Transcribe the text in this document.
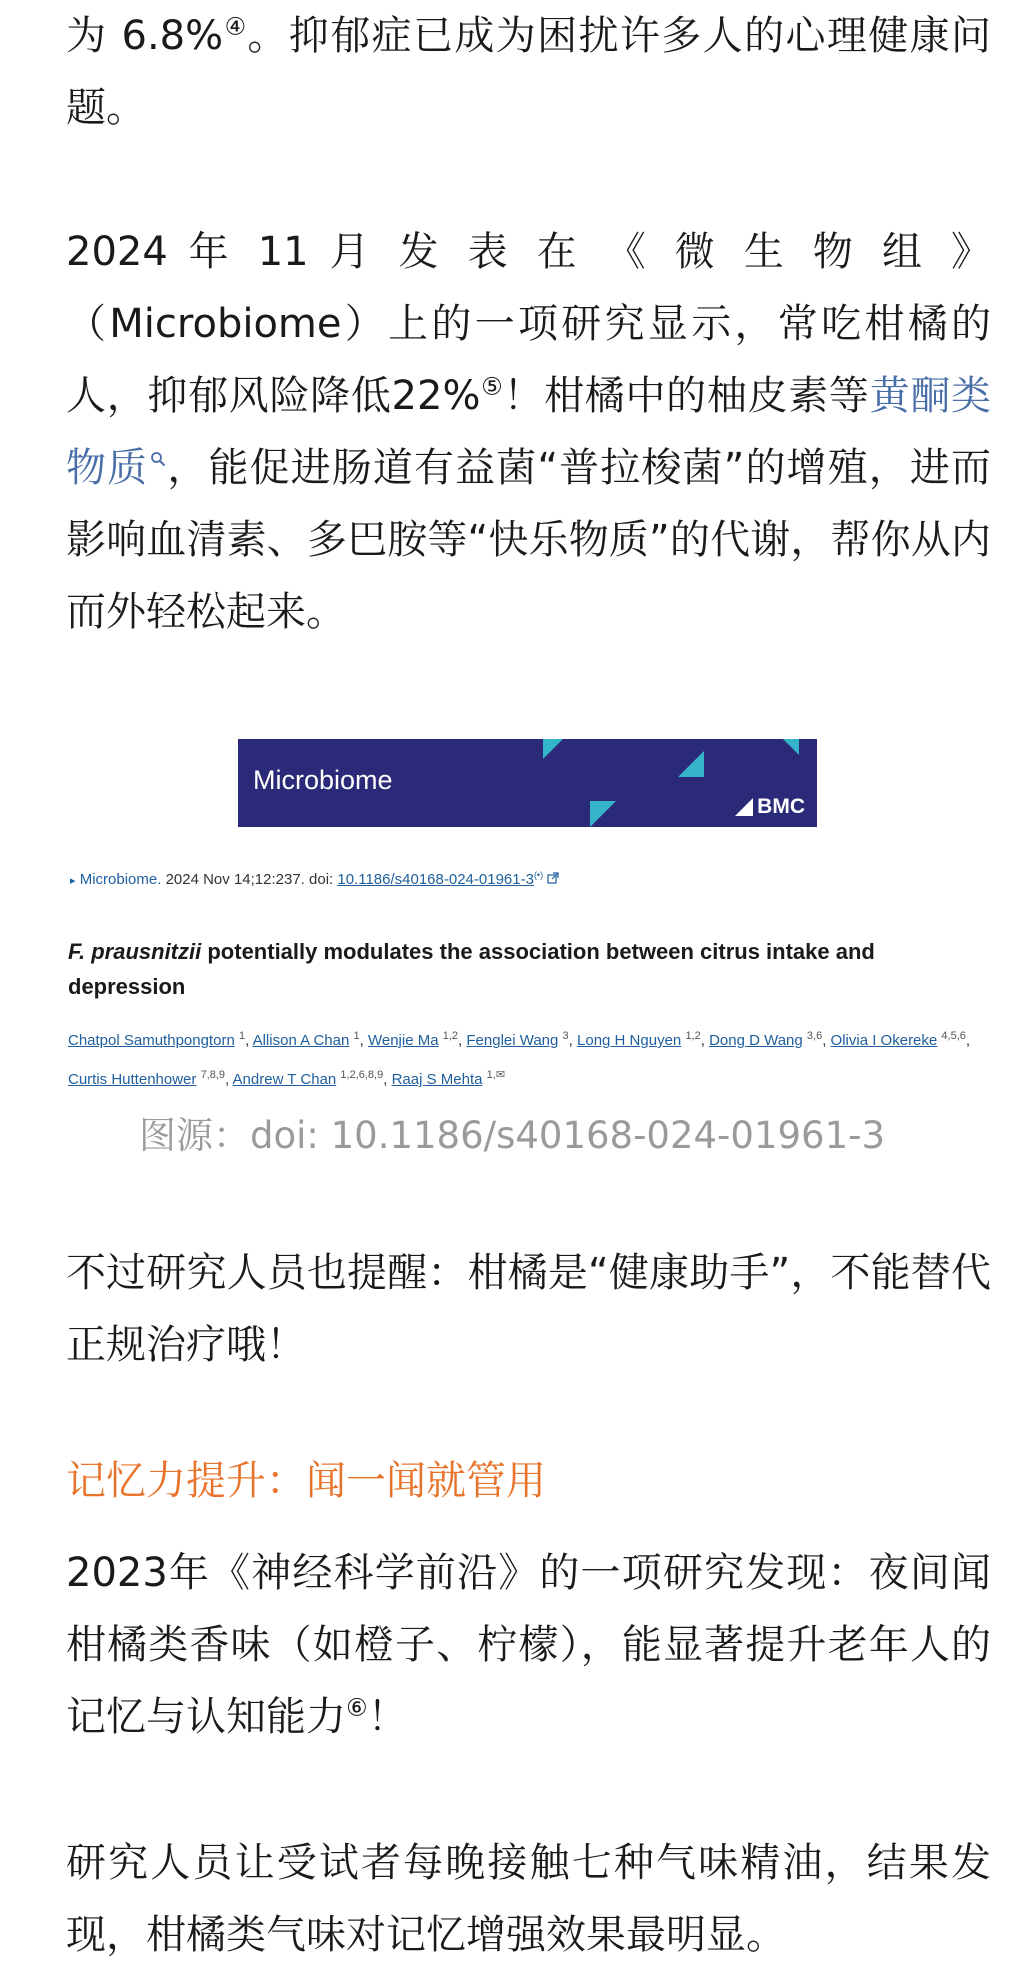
为 6.8%④。抑郁症已成为困扰许多人的心理健康问题。

2024 年 11 月 发 表 在 《 微 生 物 组 》（Microbiome）上的一项研究显示，常吃柑橘的人，抑郁风险降低22%⑤！柑橘中的柚皮素等黄酮类物质 ，能促进肠道有益菌“普拉梭菌”的增殖，进而影响血清素、多巴胺等“快乐物质”的代谢，帮你从内而外轻松起来。

Microbiome
BMC
▸ Microbiome. 2024 Nov 14;12:237. doi: 10.1186/s40168-024-01961-3(•)

F. prausnitzii potentially modulates the association between citrus intake and depression

Chatpol Samuthpongtorn $^1$, Allison A Chan $^1$, Wenjie Ma $^{1,2}$, Fenglei Wang $^3$, Long H Nguyen $^{1,2}$, Dong D Wang $^{3,6}$, Olivia I Okereke $^{4,5,6}$, Curtis Huttenhower $^{7,8,9}$, Andrew T Chan $^{1,2,6,8,9}$, Raaj S Mehta $^{1,✉}$

图源：doi: 10.1186/s40168-024-01961-3

不过研究人员也提醒：柑橘是“健康助手”，不能替代正规治疗哦！

记忆力提升：闻一闻就管用

2023年《神经科学前沿》的一项研究发现：夜间闻柑橘类香味（如橙子、柠檬），能显著提升老年人的记忆与认知能力⑥！

研究人员让受试者每晚接触七种气味精油，结果发现，柑橘类气味对记忆增强效果最明显。
